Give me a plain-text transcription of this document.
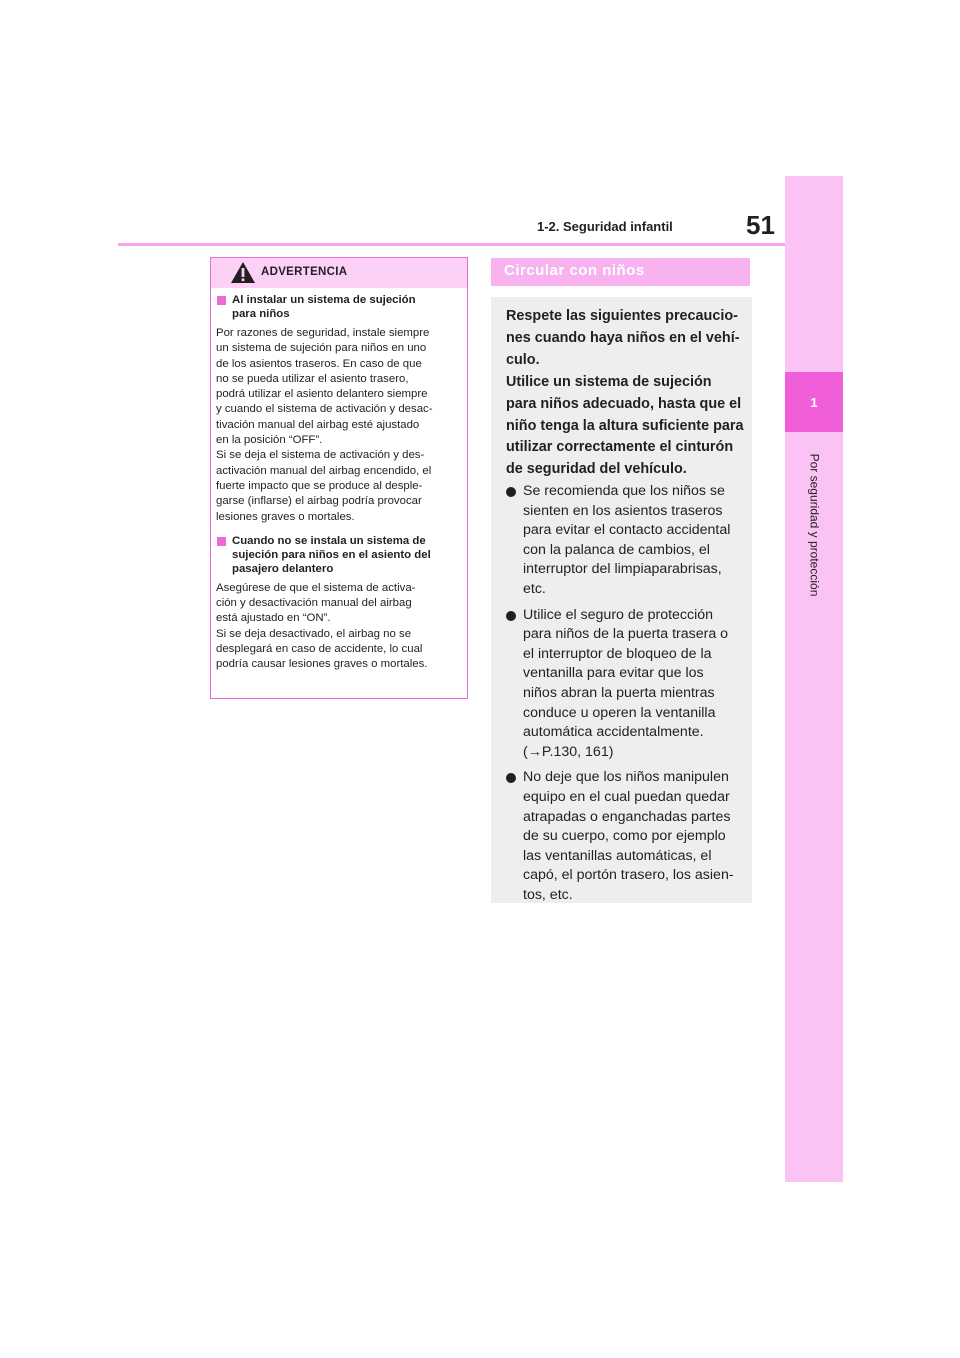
51
1-2. Seguridad infantil
1
Por seguridad y protección
ADVERTENCIA
Al instalar un sistema de sujeción
para niños
Por razones de seguridad, instale siempre
un sistema de sujeción para niños en uno
de los asientos traseros. En caso de que
no se pueda utilizar el asiento trasero,
podrá utilizar el asiento delantero siempre
y cuando el sistema de activación y desac-
tivación manual del airbag esté ajustado
en la posición “OFF”.
Si se deja el sistema de activación y des-
activación manual del airbag encendido, el
fuerte impacto que se produce al desple-
garse (inflarse) el airbag podría provocar
lesiones graves o mortales.
Cuando no se instala un sistema de
sujeción para niños en el asiento del
pasajero delantero
Asegúrese de que el sistema de activa-
ción y desactivación manual del airbag
está ajustado en “ON”.
Si se deja desactivado, el airbag no se
desplegará en caso de accidente, lo cual
podría causar lesiones graves o mortales.
Circular con niños
Respete las siguientes precaucio-
nes cuando haya niños en el vehí-
culo.
Utilice un sistema de sujeción
para niños adecuado, hasta que el
niño tenga la altura suficiente para
utilizar correctamente el cinturón
de seguridad del vehículo.
Se recomienda que los niños se
sienten en los asientos traseros
para evitar el contacto accidental
con la palanca de cambios, el
interruptor del limpiaparabrisas,
etc.
Utilice el seguro de protección
para niños de la puerta trasera o
el interruptor de bloqueo de la
ventanilla para evitar que los
niños abran la puerta mientras
conduce u operen la ventanilla
automática accidentalmente.
(→P.130, 161)
No deje que los niños manipulen
equipo en el cual puedan quedar
atrapadas o enganchadas partes
de su cuerpo, como por ejemplo
las ventanillas automáticas, el
capó, el portón trasero, los asien-
tos, etc.
